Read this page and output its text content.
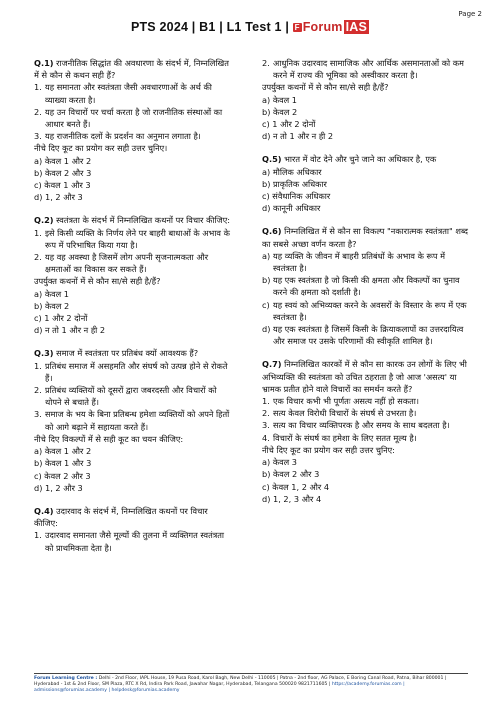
Page 2
PTS 2024 | B1 | L1 Test 1 | F Forum IAS
Q.1) राजनीतिक सिद्धांत की अवधारणा के संदर्भ में, निम्नलिखित में से कौन से कथन सही हैं?
1. यह समानता और स्वतंत्रता जैसी अवधारणाओं के अर्थ की व्याख्या करता है।
2. यह उन विचारों पर चर्चा करता है जो राजनीतिक संस्थाओं का आधार बनते हैं।
3. यह राजनीतिक दलों के प्रदर्शन का अनुमान लगाता है।
नीचे दिए कूट का प्रयोग कर सही उत्तर चुनिए।
a) केवल 1 और 2
b) केवल 2 और 3
c) केवल 1 और 3
d) 1, 2 और 3
Q.2) स्वतंत्रता के संदर्भ में निम्नलिखित कथनों पर विचार कीजिए:
1. इसे किसी व्यक्ति के निर्णय लेने पर बाहरी बाधाओं के अभाव के रूप में परिभाषित किया गया है।
2. यह वह अवस्था है जिसमें लोग अपनी सृजनात्मकता और क्षमताओं का विकास कर सकते हैं।
उपर्युक्त कथनों में से कौन सा/से सही है/हैं?
a) केवल 1
b) केवल 2
c) 1 और 2 दोनों
d) न तो 1 और न ही 2
Q.3) समाज में स्वतंत्रता पर प्रतिबंध क्यों आवश्यक हैं?
1. प्रतिबंध समाज में असहमति और संघर्ष को उत्पन्न होने से रोकते हैं।
2. प्रतिबंध व्यक्तियों को दूसरों द्वारा जबरदस्ती और विचारों को थोपने से बचाते हैं।
3. समाज के भय के बिना प्रतिबन्ध हमेशा व्यक्तियों को अपने हितों को आगे बढ़ाने में सहायता करते हैं।
नीचे दिए विकल्पों में से सही कूट का चयन कीजिए:
a) केवल 1 और 2
b) केवल 1 और 3
c) केवल 2 और 3
d) 1, 2 और 3
Q.4) उदारवाद के संदर्भ में, निम्नलिखित कथनों पर विचार कीजिए:
1. उदारवाद समानता जैसे मूल्यों की तुलना में व्यक्तिगत स्वतंत्रता को प्राथमिकता देता है।
2. आधुनिक उदारवाद सामाजिक और आर्थिक असमानताओं को कम करने में राज्य की भूमिका को अस्वीकार करता है।
उपर्युक्त कथनों में से कौन सा/से सही है/हैं?
a) केवल 1
b) केवल 2
c) 1 और 2 दोनों
d) न तो 1 और न ही 2
Q.5) भारत में वोट देने और चुने जाने का अधिकार है, एक
a) मौलिक अधिकार
b) प्राकृतिक अधिकार
c) संवैधानिक अधिकार
d) कानूनी अधिकार
Q.6) निम्नलिखित में से कौन सा विकल्प "नकारात्मक स्वतंत्रता" शब्द का सबसे अच्छा वर्णन करता है?
a) यह व्यक्ति के जीवन में बाहरी प्रतिबंधों के अभाव के रूप में स्वतंत्रता है।
b) यह एक स्वतंत्रता है जो किसी की क्षमता और विकल्पों का चुनाव करने की क्षमता को दर्शाती है।
c) यह स्वयं को अभिव्यक्त करने के अवसरों के विस्तार के रूप में एक स्वतंत्रता है।
d) यह एक स्वतंत्रता है जिसमें किसी के क्रियाकलापों का उत्तरदायित्व और समाज पर उसके परिणामों की स्वीकृति शामिल है।
Q.7) निम्नलिखित कारकों में से कौन सा कारक उन लोगों के लिए भी अभिव्यक्ति की स्वतंत्रता को उचित ठहराता है जो आज 'असत्य' या भ्रामक प्रतीत होने वाले विचारों का समर्थन करते हैं?
1. एक विचार कभी भी पूर्णतः असत्य नहीं हो सकता।
2. सत्य केवल विरोधी विचारों के संघर्ष से उभरता है।
3. सत्य का विचार व्यक्तिपरक है और समय के साथ बदलता है।
4. विचारों के संघर्ष का हमेशा के लिए सतत मूल्य है।
नीचे दिए कूट का प्रयोग कर सही उत्तर चुनिए:
a) केवल 3
b) केवल 2 और 3
c) केवल 1, 2 और 4
d) 1, 2, 3 और 4
Forum Learning Centre : Delhi - 2nd Floor, IAPL House, 19 Pusa Road, Karol Bagh, New Delhi - 110005 | Patna - 2nd floor, AG Palace, E Boring Canal Road, Patna, Bihar 800001 | Hyderabad - 1st & 2nd Floor, SM Plaza, RTC X Rd, Indira Park Road, Jawahar Nagar, Hyderabad, Telangana 500020 9821711605 | https://academy.forumias.com | admissions@forumias.academy | helpdesk@forumias.academy
